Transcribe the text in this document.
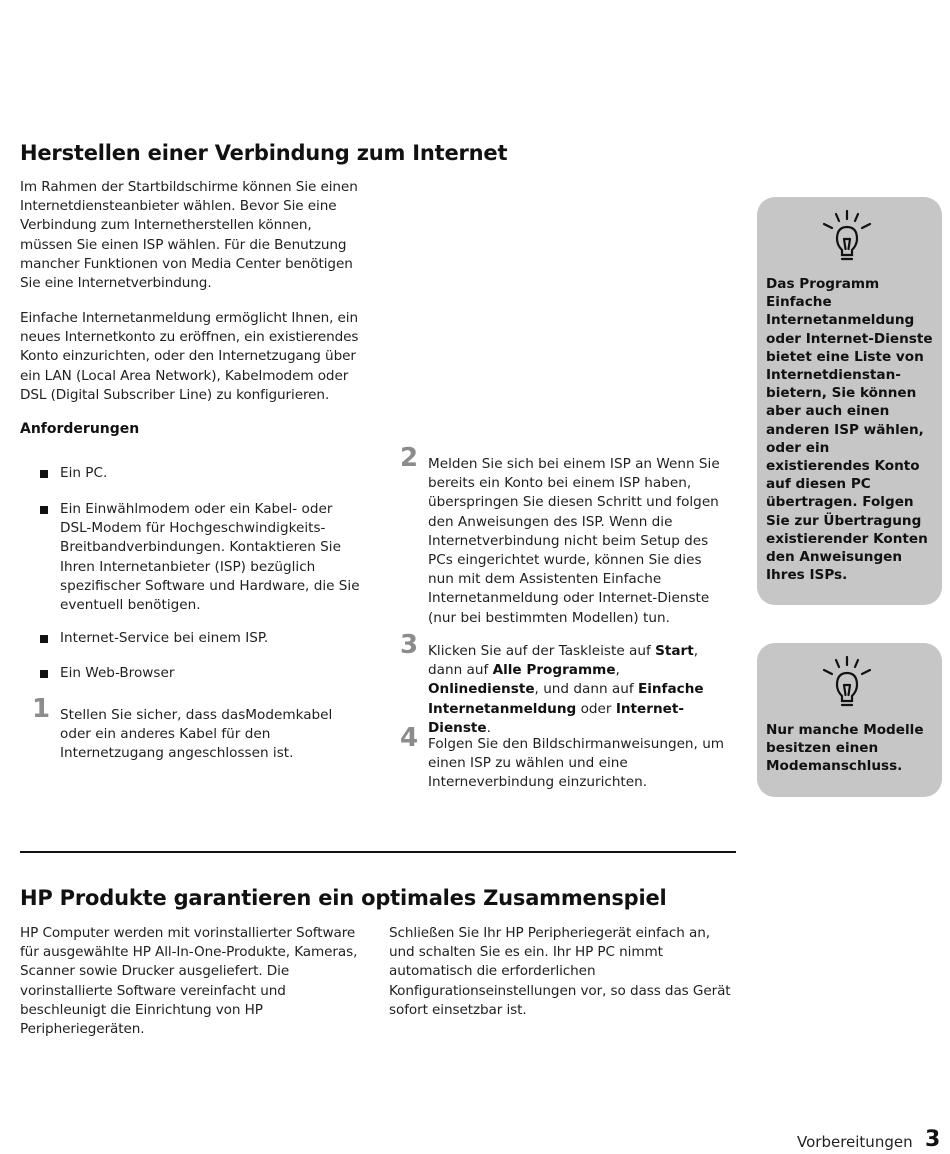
Herstellen einer Verbindung zum Internet

Im Rahmen der Startbildschirme können Sie einen Internetdiensteanbieter wählen. Bevor Sie eine Verbindung zum Internetherstellen können, müssen Sie einen ISP wählen. Für die Benutzung mancher Funktionen von Media Center benötigen Sie eine Internetverbindung.

Einfache Internetanmeldung ermöglicht Ihnen, ein neues Internetkonto zu eröffnen, ein existierendes Konto einzurichten, oder den Internetzugang über ein LAN (Local Area Network), Kabelmodem oder DSL (Digital Subscriber Line) zu konfigurieren.

Anforderungen

Ein PC.
Ein Einwählmodem oder ein Kabel- oder DSL-Modem für Hochgeschwindigkeits-Breitbandverbindungen. Kontaktieren Sie Ihren Internetanbieter (ISP) bezüglich spezifischer Software und Hardware, die Sie eventuell benötigen.
Internet-Service bei einem ISP.
Ein Web-Browser
1 Stellen Sie sicher, dass dasModemkabel oder ein anderes Kabel für den Internetzugang angeschlossen ist.
2 Melden Sie sich bei einem ISP an Wenn Sie bereits ein Konto bei einem ISP haben, überspringen Sie diesen Schritt und folgen den Anweisungen des ISP. Wenn die Internetverbindung nicht beim Setup des PCs eingerichtet wurde, können Sie dies nun mit dem Assistenten Einfache Internetanmeldung oder Internet-Dienste (nur bei bestimmten Modellen) tun.
3 Klicken Sie auf der Taskleiste auf Start, dann auf Alle Programme, Onlinedienste, und dann auf Einfache Internetanmeldung oder Internet-Dienste.
4 Folgen Sie den Bildschirmanweisungen, um einen ISP zu wählen und eine Interneverbindung einzurichten.
Das Programm Einfache Internetanmeldung oder Internet-Dienste bietet eine Liste von Internetdienstan-bietern, Sie können aber auch einen anderen ISP wählen, oder ein existierendes Konto auf diesen PC übertragen. Folgen Sie zur Übertragung existierender Konten den Anweisungen Ihres ISPs.
Nur manche Modelle besitzen einen Modemanschluss.
HP Produkte garantieren ein optimales Zusammenspiel

HP Computer werden mit vorinstallierter Software für ausgewählte HP All-In-One-Produkte, Kameras, Scanner sowie Drucker ausgeliefert. Die vorinstallierte Software vereinfacht und beschleunigt die Einrichtung von HP Peripheriegeräten.

Schließen Sie Ihr HP Peripheriegerät einfach an, und schalten Sie es ein. Ihr HP PC nimmt automatisch die erforderlichen Konfigurationseinstellungen vor, so dass das Gerät sofort einsetzbar ist.

Vorbereitungen 3
